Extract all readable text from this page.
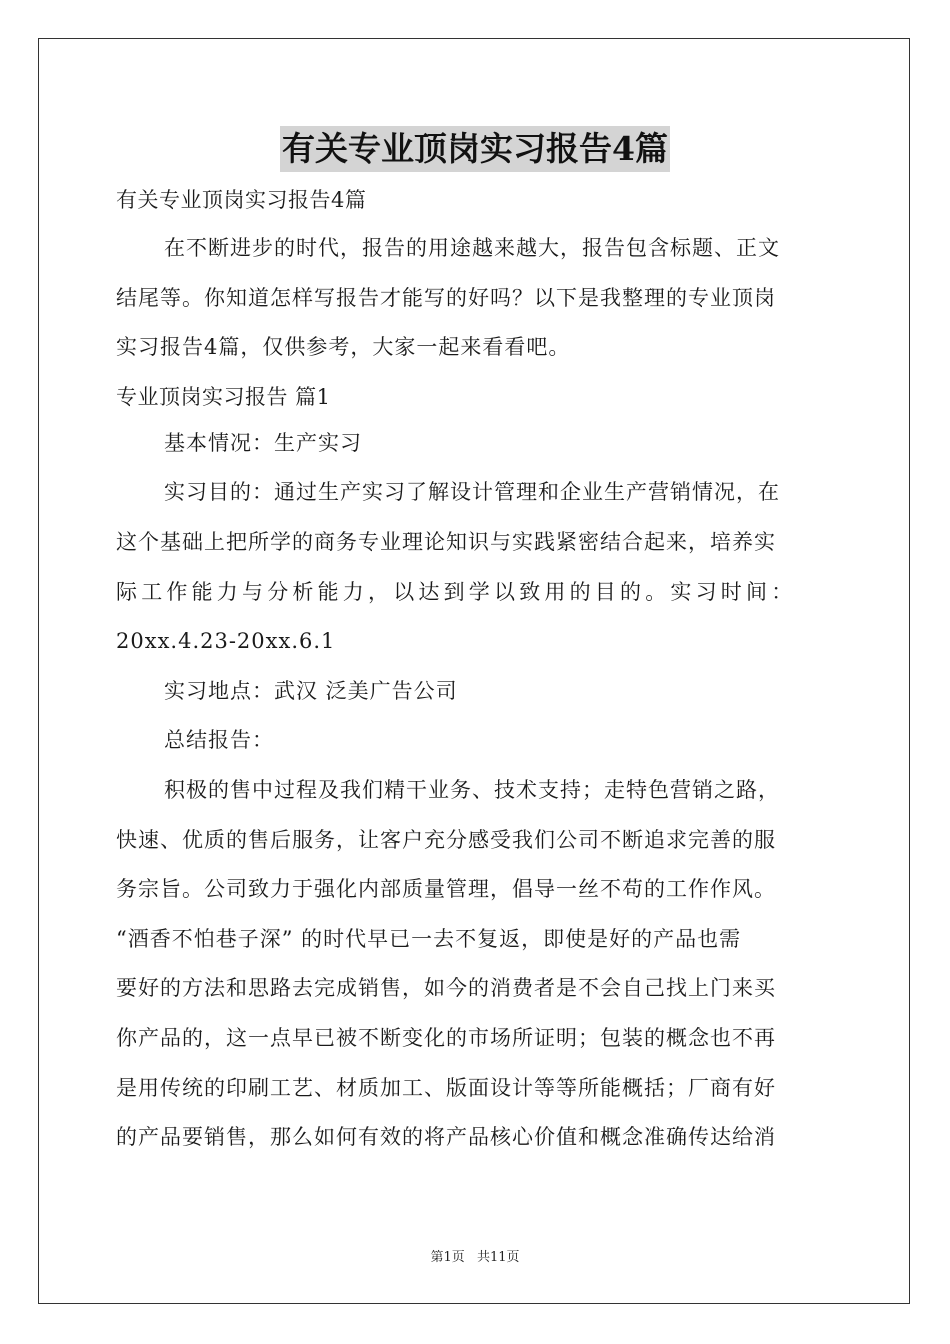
有关专业顶岗实习报告4篇
有关专业顶岗实习报告4篇
在不断进步的时代，报告的用途越来越大，报告包含标题、正文
结尾等。你知道怎样写报告才能写的好吗？以下是我整理的专业顶岗
实习报告4篇，仅供参考，大家一起来看看吧。
专业顶岗实习报告 篇1
基本情况：生产实习
实习目的：通过生产实习了解设计管理和企业生产营销情况，在
这个基础上把所学的商务专业理论知识与实践紧密结合起来，培养实
际工作能力与分析能力，以达到学以致用的目的。实习时间：
20xx.4.23-20xx.6.1
实习地点：武汉 泛美广告公司
总结报告：
积极的售中过程及我们精干业务、技术支持；走特色营销之路，
快速、优质的售后服务，让客户充分感受我们公司不断追求完善的服
务宗旨。公司致力于强化内部质量管理，倡导一丝不苟的工作作风。
“酒香不怕巷子深” 的时代早已一去不复返，即使是好的产品也需
要好的方法和思路去完成销售，如今的消费者是不会自己找上门来买
你产品的，这一点早已被不断变化的市场所证明；包装的概念也不再
是用传统的印刷工艺、材质加工、版面设计等等所能概括；厂商有好
的产品要销售，那么如何有效的将产品核心价值和概念准确传达给消
第1页 共11页
